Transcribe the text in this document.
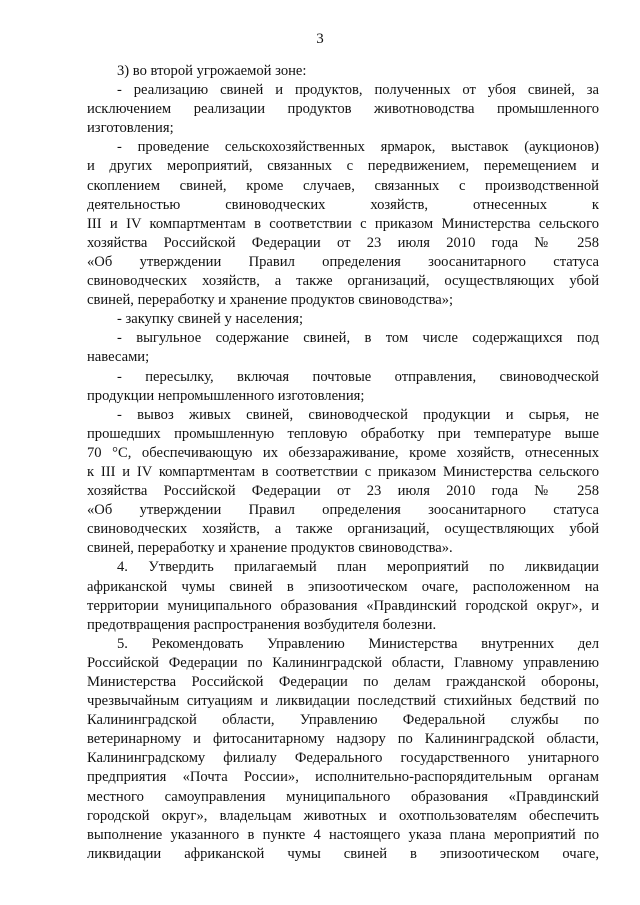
3
3) во второй угрожаемой зоне:
- реализацию свиней и продуктов, полученных от убоя свиней, за
исключением реализации продуктов животноводства промышленного
изготовления;
- проведение сельскохозяйственных ярмарок, выставок (аукционов)
и других мероприятий, связанных с передвижением, перемещением и
скоплением свиней, кроме случаев, связанных с производственной
деятельностью свиноводческих хозяйств, отнесенных к
III и IV компартментам в соответствии с приказом Министерства сельского
хозяйства Российской Федерации от 23 июля 2010 года № 258
«Об утверждении Правил определения зоосанитарного статуса
свиноводческих хозяйств, а также организаций, осуществляющих убой
свиней, переработку и хранение продуктов свиноводства»;
- закупку свиней у населения;
- выгульное содержание свиней, в том числе содержащихся под
навесами;
- пересылку, включая почтовые отправления, свиноводческой
продукции непромышленного изготовления;
- вывоз живых свиней, свиноводческой продукции и сырья, не
прошедших промышленную тепловую обработку при температуре выше
70 °С, обеспечивающую их обеззараживание, кроме хозяйств, отнесенных
к III и IV компартментам в соответствии с приказом Министерства сельского
хозяйства Российской Федерации от 23 июля 2010 года № 258
«Об утверждении Правил определения зоосанитарного статуса
свиноводческих хозяйств, а также организаций, осуществляющих убой
свиней, переработку и хранение продуктов свиноводства».
4. Утвердить прилагаемый план мероприятий по ликвидации
африканской чумы свиней в эпизоотическом очаге, расположенном на
территории муниципального образования «Правдинский городской округ», и
предотвращения распространения возбудителя болезни.
5. Рекомендовать Управлению Министерства внутренних дел
Российской Федерации по Калининградской области, Главному управлению
Министерства Российской Федерации по делам гражданской обороны,
чрезвычайным ситуациям и ликвидации последствий стихийных бедствий по
Калининградской области, Управлению Федеральной службы по
ветеринарному и фитосанитарному надзору по Калининградской области,
Калининградскому филиалу Федерального государственного унитарного
предприятия «Почта России», исполнительно-распорядительным органам
местного самоуправления муниципального образования «Правдинский
городской округ», владельцам животных и охотпользователям обеспечить
выполнение указанного в пункте 4 настоящего указа плана мероприятий по
ликвидации африканской чумы свиней в эпизоотическом очаге,
